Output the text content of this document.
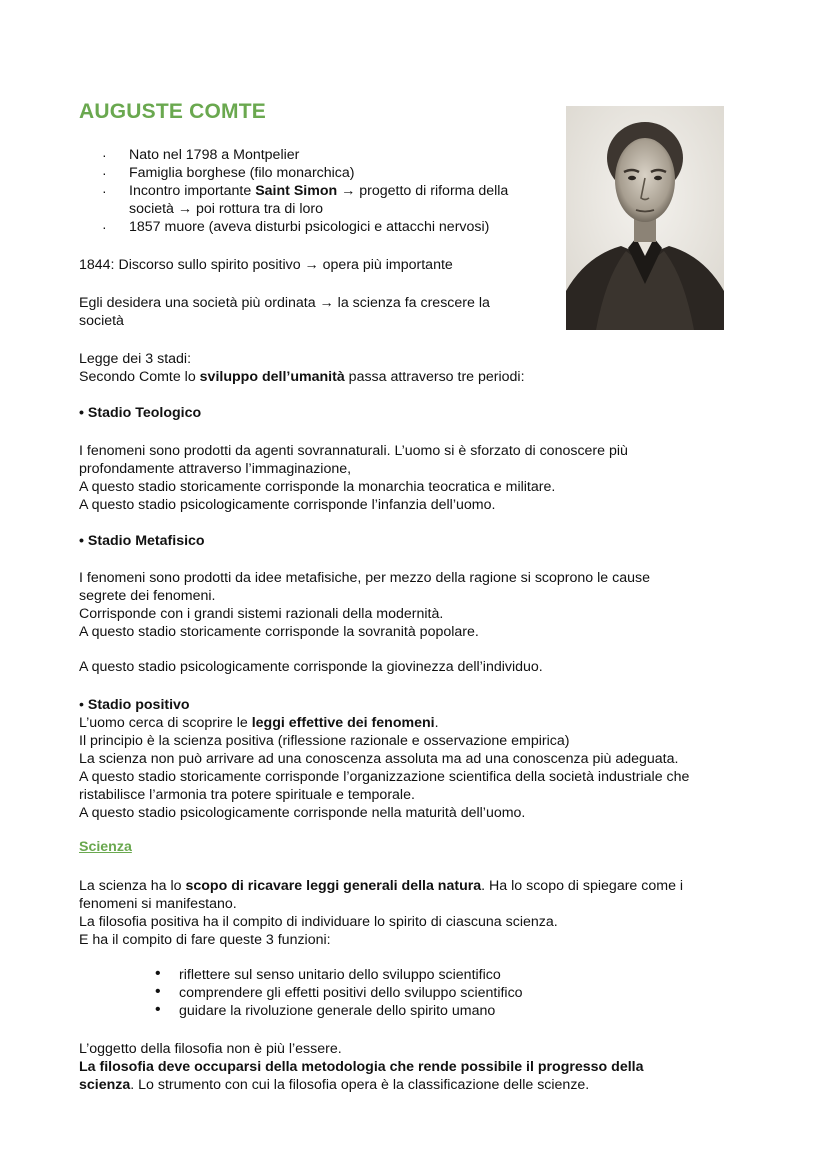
AUGUSTE COMTE
· Nato nel 1798 a Montpelier
· Famiglia borghese (filo monarchica)
· Incontro importante Saint Simon → progetto di riforma della
società → poi rottura tra di loro
· 1857 muore (aveva disturbi psicologici e attacchi nervosi)
1844: Discorso sullo spirito positivo → opera più importante
Egli desidera una società più ordinata → la scienza fa crescere la
società
Legge dei 3 stadi:
Secondo Comte lo sviluppo dell’umanità passa attraverso tre periodi:
• Stadio Teologico
I fenomeni sono prodotti da agenti sovrannaturali. L’uomo si è sforzato di conoscere più
profondamente attraverso l’immaginazione,
A questo stadio storicamente corrisponde la monarchia teocratica e militare.
A questo stadio psicologicamente corrisponde l’infanzia dell’uomo.
• Stadio Metafisico
I fenomeni sono prodotti da idee metafisiche, per mezzo della ragione si scoprono le cause
segrete dei fenomeni.
Corrisponde con i grandi sistemi razionali della modernità.
A questo stadio storicamente corrisponde la sovranità popolare.
A questo stadio psicologicamente corrisponde la giovinezza dell’individuo.
• Stadio positivo
L’uomo cerca di scoprire le leggi effettive dei fenomeni.
Il principio è la scienza positiva (riflessione razionale e osservazione empirica)
La scienza non può arrivare ad una conoscenza assoluta ma ad una conoscenza più adeguata.
A questo stadio storicamente corrisponde l’organizzazione scientifica della società industriale che
ristabilisce l’armonia tra potere spirituale e temporale.
A questo stadio psicologicamente corrisponde nella maturità dell’uomo.
Scienza
La scienza ha lo scopo di ricavare leggi generali della natura. Ha lo scopo di spiegare come i
fenomeni si manifestano.
La filosofia positiva ha il compito di individuare lo spirito di ciascuna scienza.
E ha il compito di fare queste 3 funzioni:
• riflettere sul senso unitario dello sviluppo scientifico
• comprendere gli effetti positivi dello sviluppo scientifico
• guidare la rivoluzione generale dello spirito umano
L’oggetto della filosofia non è più l’essere.
La filosofia deve occuparsi della metodologia che rende possibile il progresso della
scienza. Lo strumento con cui la filosofia opera è la classificazione delle scienze.
